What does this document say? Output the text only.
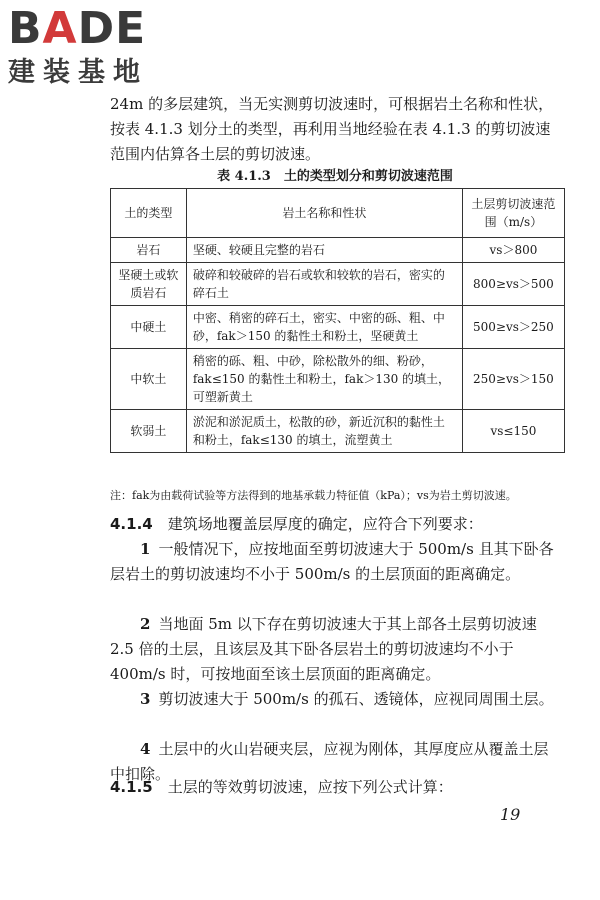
BADE
建装基地

24m 的多层建筑，当无实测剪切波速时，可根据岩土名称和性状，按表 4.1.3 划分土的类型，再利用当地经验在表 4.1.3 的剪切波速范围内估算各土层的剪切波速。

表 4.1.3　土的类型划分和剪切波速范围
土的类型	岩土名称和性状	土层剪切波速范围（m/s）
岩石	坚硬、较硬且完整的岩石	vs＞800
坚硬土或软质岩石	破碎和较破碎的岩石或软和较软的岩石，密实的碎石土	800≥vs＞500
中硬土	中密、稍密的碎石土，密实、中密的砾、粗、中砂，fak＞150 的黏性土和粉土，坚硬黄土	500≥vs＞250
中软土	稍密的砾、粗、中砂，除松散外的细、粉砂，fak≤150 的黏性土和粉土，fak＞130 的填土，可塑新黄土	250≥vs＞150
软弱土	淤泥和淤泥质土，松散的砂，新近沉积的黏性土和粉土，fak≤130 的填土，流塑黄土	vs≤150
注：fak为由载荷试验等方法得到的地基承载力特征值（kPa）；vs为岩土剪切波速。

4.1.4　 建筑场地覆盖层厚度的确定，应符合下列要求：

1 一般情况下，应按地面至剪切波速大于 500m/s 且其下卧各层岩土的剪切波速均不小于 500m/s 的土层顶面的距离确定。

2 当地面 5m 以下存在剪切波速大于其上部各土层剪切波速 2.5 倍的土层，且该层及其下卧各层岩土的剪切波速均不小于 400m/s 时，可按地面至该土层顶面的距离确定。

3 剪切波速大于 500m/s 的孤石、透镜体，应视同周围土层。

4 土层中的火山岩硬夹层，应视为刚体，其厚度应从覆盖土层中扣除。

4.1.5　 土层的等效剪切波速，应按下列公式计算：

19
